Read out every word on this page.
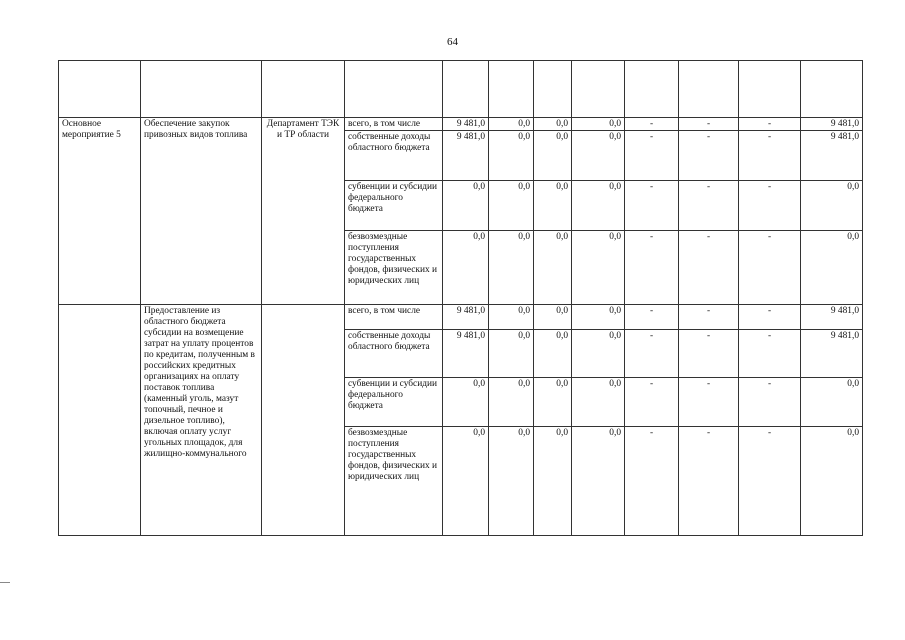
64

Основное мероприятие 5	Обеспечение закупок привозных видов топлива	Департамент ТЭК и ТР области	всего, в том числе	9 481,0	0,0	0,0	0,0	-	-	-	9 481,0
			собственные доходы областного бюджета	9 481,0	0,0	0,0	0,0	-	-	-	9 481,0
			субвенции и субсидии федерального бюджета	0,0	0,0	0,0	0,0	-	-	-	0,0
			безвозмездные поступления государственных фондов, физических и юридических лиц	0,0	0,0	0,0	0,0	-	-	-	0,0
	Предоставление из областного бюджета субсидии на возмещение затрат на уплату процентов по кредитам, полученным в российских кредитных организациях на оплату поставок топлива (каменный уголь, мазут топочный, печное и дизельное топливо), включая оплату услуг угольных площадок, для жилищно-коммунального		всего, в том числе	9 481,0	0,0	0,0	0,0	-	-	-	9 481,0
			собственные доходы областного бюджета	9 481,0	0,0	0,0	0,0	-	-	-	9 481,0
			субвенции и субсидии федерального бюджета	0,0	0,0	0,0	0,0	-	-	-	0,0
			безвозмездные поступления государственных фондов, физических и юридических лиц	0,0	0,0	0,0	0,0	-	-	-	0,0
